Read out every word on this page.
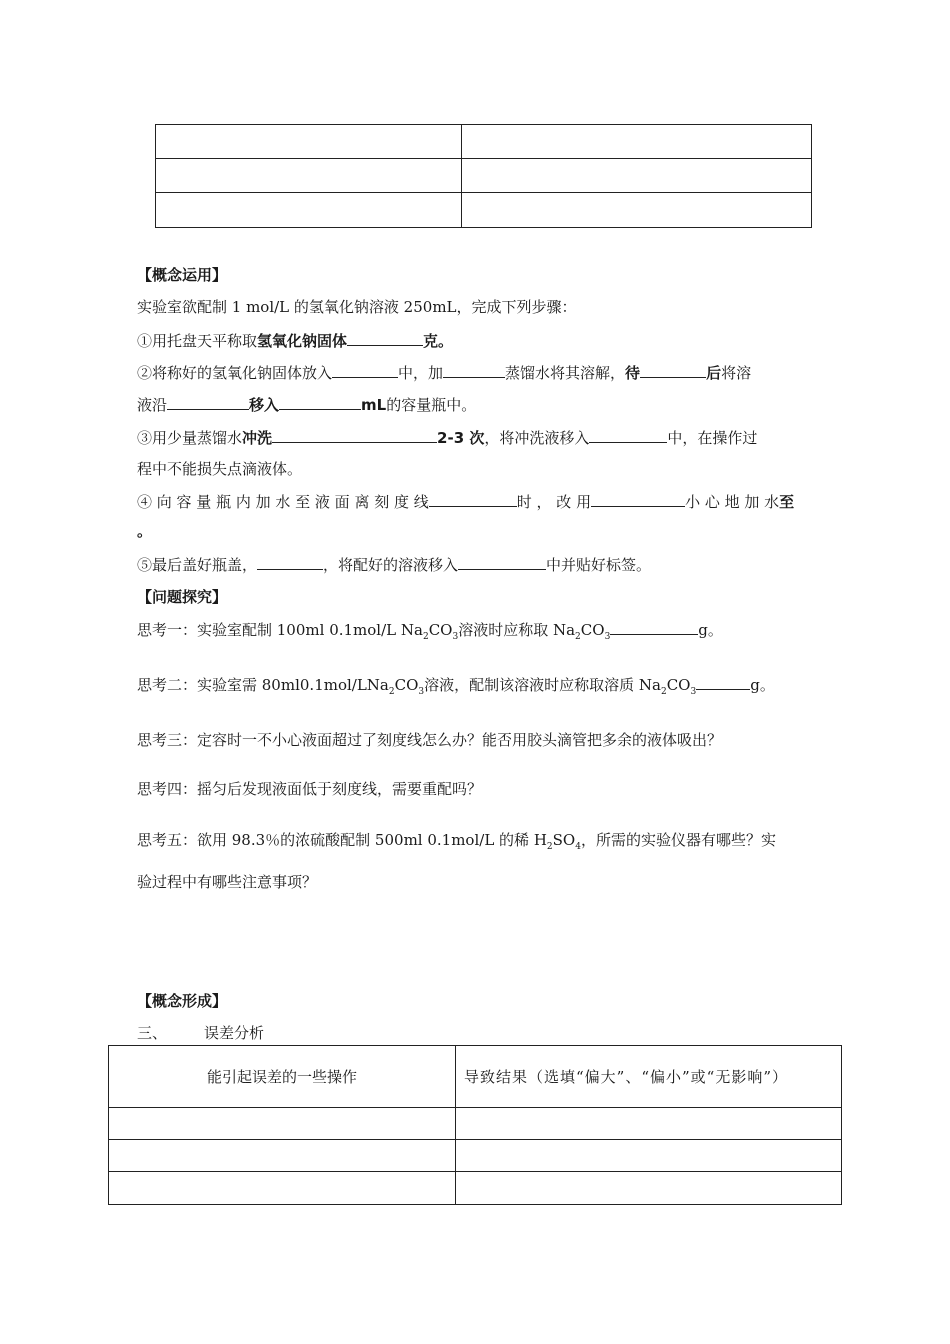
【概念运用】
实验室欲配制 1 mol/L 的氢氧化钠溶液 250mL，完成下列步骤：
①用托盘天平称取氢氧化钠固体	克。
②将称好的氢氧化钠固体放入	中，加	蒸馏水将其溶解，待	后将溶
液沿	移入	mL的容量瓶中。
③用少量蒸馏水冲洗	2-3 次，将冲洗液移入	中，在操作过
程中不能损失点滴液体。
④ 向 容 量 瓶 内 加 水 至 液 面 离 刻 度 线	时 ， 改 用	小 心 地 加 水至
。
⑤最后盖好瓶盖，	，将配好的溶液移入	中并贴好标签。
【问题探究】
思考一：实验室配制 100ml 0.1mol/L $Na_2CO_3$溶液时应称取 $Na_2CO_3$	g。
思考二：实验室需 $80ml0.1mol/LNa_2CO_3$溶液，配制该溶液时应称取溶质 $Na_2CO_3$	g。
思考三：定容时一不小心液面超过了刻度线怎么办？能否用胶头滴管把多余的液体吸出？
思考四：摇匀后发现液面低于刻度线，需要重配吗？
思考五：欲用 98.3％的浓硫酸配制 500ml 0.1mol/L 的稀 $H_2SO_4$，所需的实验仪器有哪些？实
验过程中有哪些注意事项？
【概念形成】
三、 误差分析
能引起误差的一些操作	导致结果（选填“偏大”、“偏小”或“无影响”）
